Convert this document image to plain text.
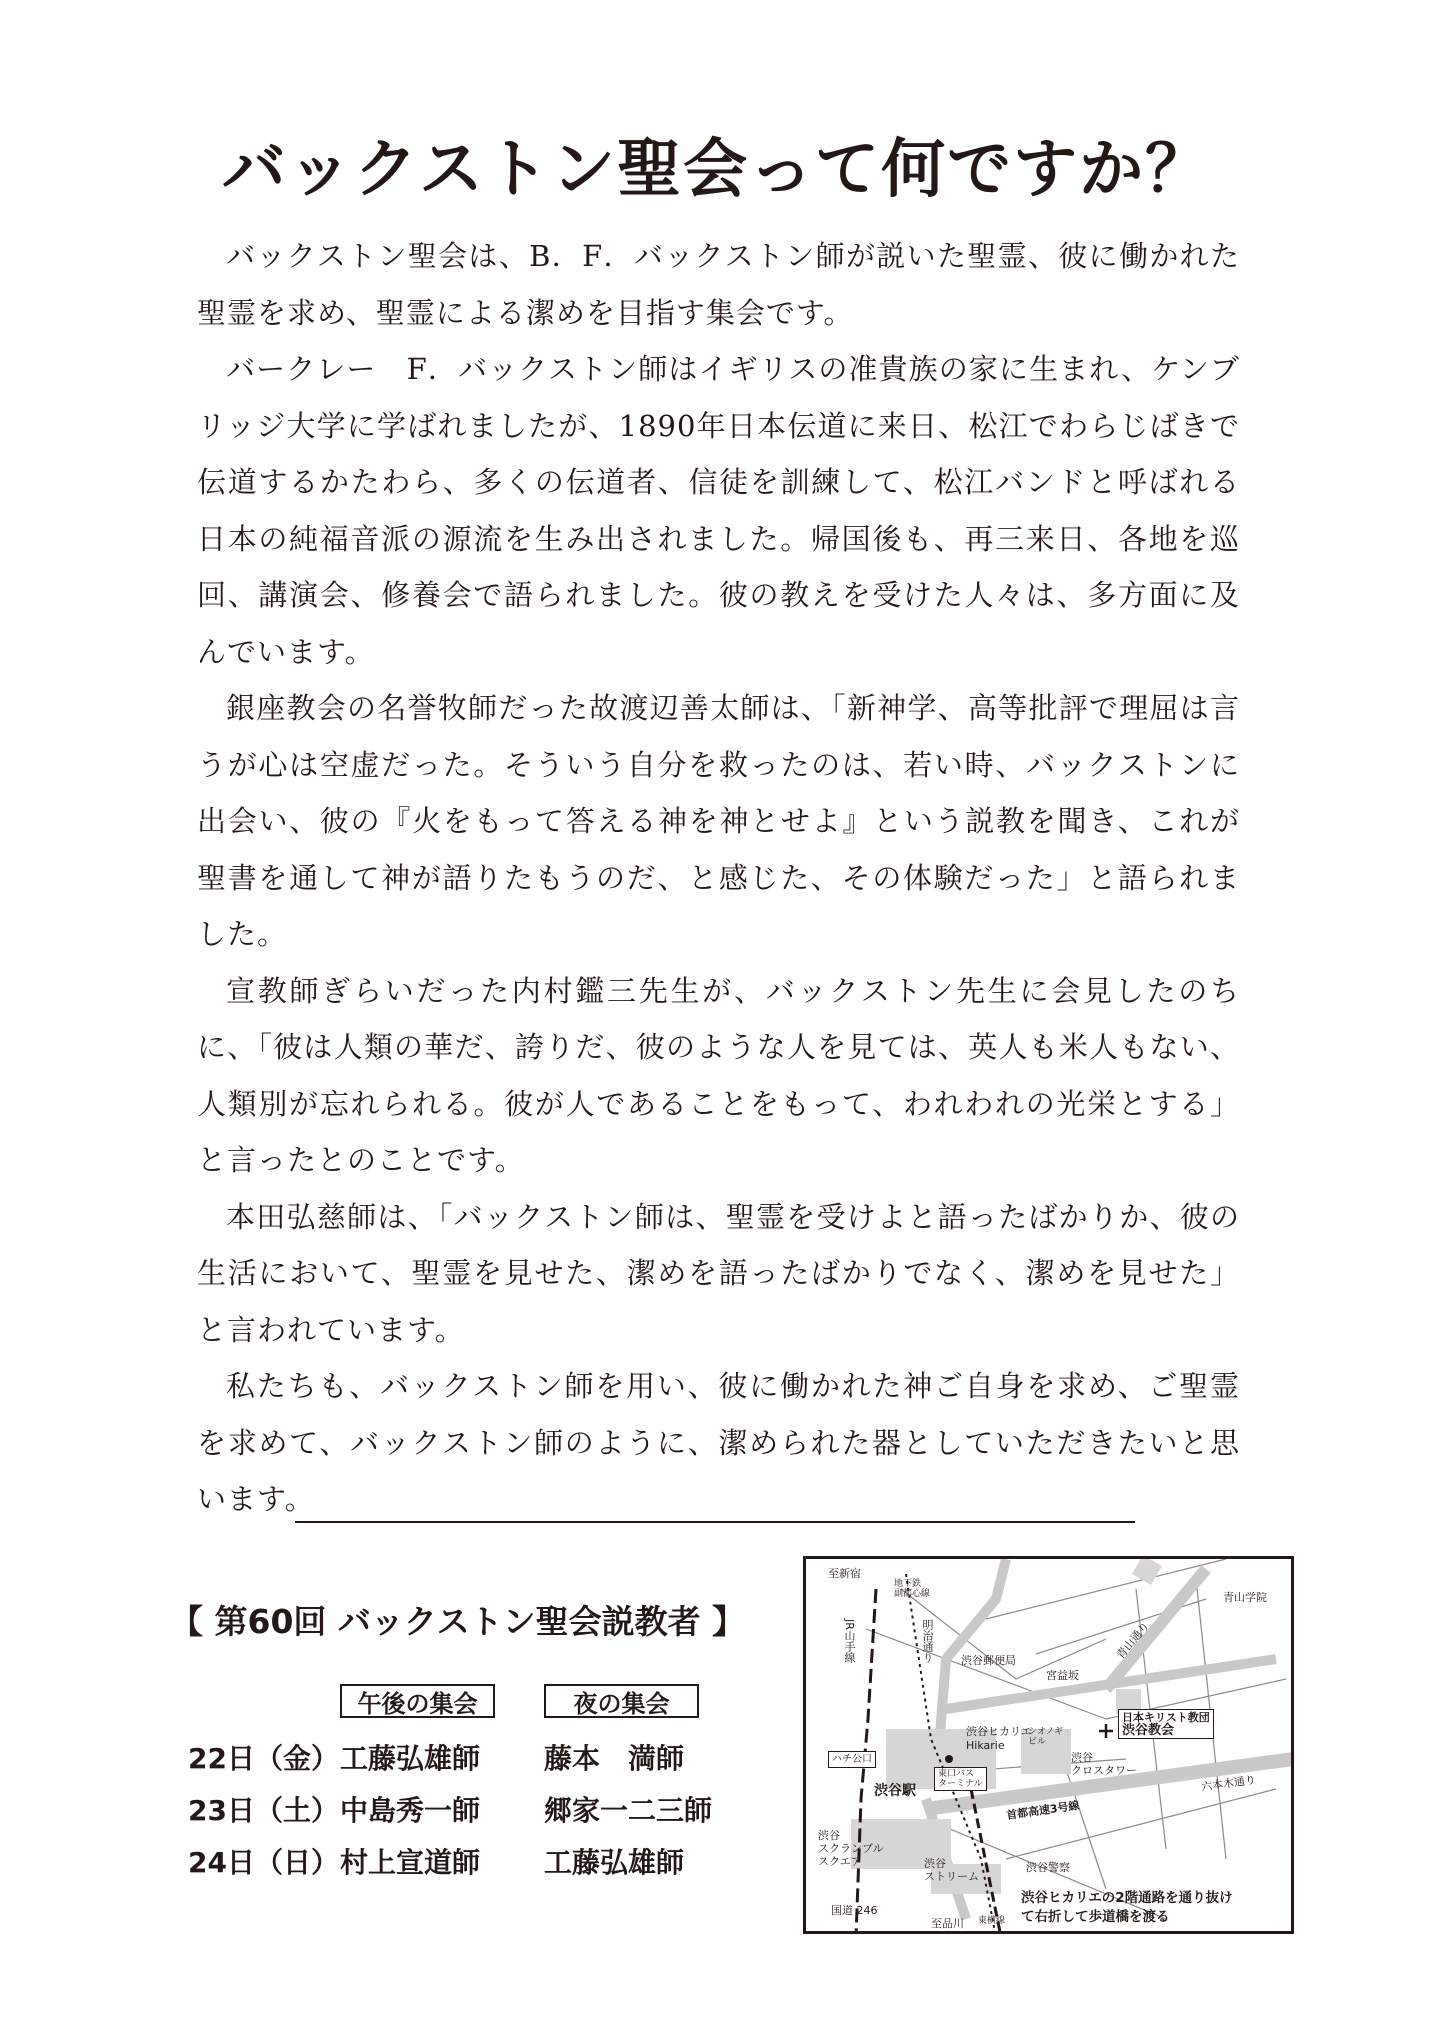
バックストン聖会って何ですか？

バックストン聖会は、B．F．バックストン師が説いた聖霊、彼に働かれた聖霊を求め、聖霊による潔めを目指す集会です。

バークレー　F．バックストン師はイギリスの准貴族の家に生まれ、ケンブリッジ大学に学ばれましたが、1890年日本伝道に来日、松江でわらじばきで伝道するかたわら、多くの伝道者、信徒を訓練して、松江バンドと呼ばれる日本の純福音派の源流を生み出されました。帰国後も、再三来日、各地を巡回、講演会、修養会で語られました。彼の教えを受けた人々は、多方面に及んでいます。

銀座教会の名誉牧師だった故渡辺善太師は、「新神学、高等批評で理屈は言うが心は空虚だった。そういう自分を救ったのは、若い時、バックストンに出会い、彼の『火をもって答える神を神とせよ』という説教を聞き、これが聖書を通して神が語りたもうのだ、と感じた、その体験だった」と語られました。

宣教師ぎらいだった内村鑑三先生が、バックストン先生に会見したのちに、「彼は人類の華だ、誇りだ、彼のような人を見ては、英人も米人もない、人類別が忘れられる。彼が人であることをもって、われわれの光栄とする」と言ったとのことです。

本田弘慈師は、「バックストン師は、聖霊を受けよと語ったばかりか、彼の生活において、聖霊を見せた、潔めを語ったばかりでなく、潔めを見せた」と言われています。

私たちも、バックストン師を用い、彼に働かれた神ご自身を求め、ご聖霊を求めて、バックストン師のように、潔められた器としていただきたいと思います。

【 第60回 バックストン聖会説教者 】
午後の集会	夜の集会
22日（金） 工藤弘雄師 藤本　満師
23日（土） 中島秀一師 郷家一二三師
24日（日） 村上宣道師 工藤弘雄師
至新宿
地下鉄
副都心線	青山学院
JR山手線	明治通り 渋谷郵便局
宮益坂
青山通り
日本キリスト教団
渋谷教会
渋谷ヒカリエ
Hikarie
シオノギ
ビル
渋谷
クロスタワー
ハチ公口
東口バス
ターミナル
渋谷駅
首都高速3号線
六本木通り
渋谷
スクランブル
スクエア	渋谷
ストリーム
渋谷警察
国道 246
至品川 東横線
渋谷ヒカリエの2階通路を通り抜け
て右折して歩道橋を渡る
